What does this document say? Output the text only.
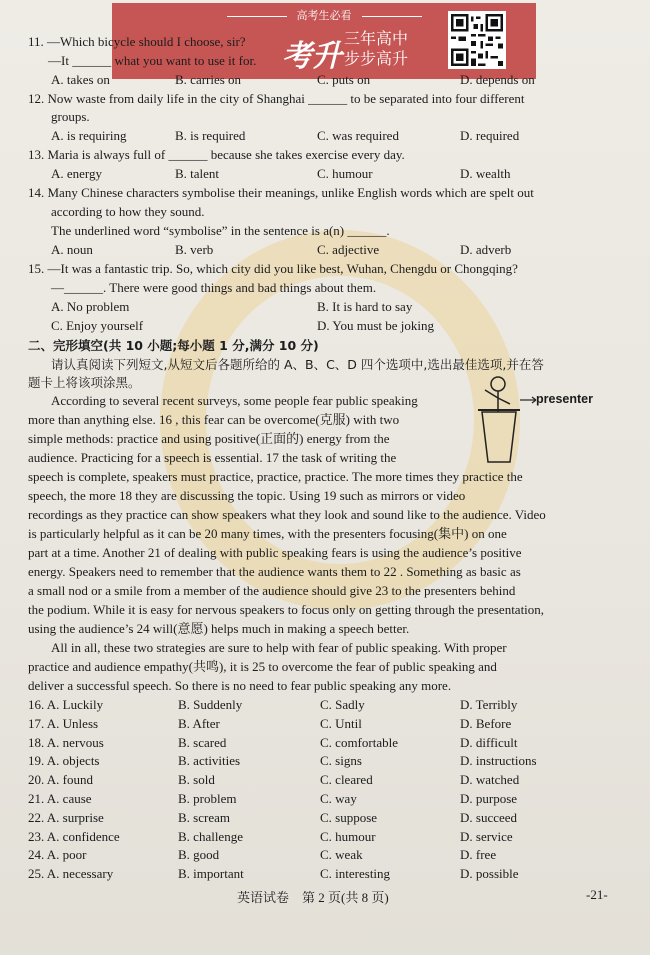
高考生必看
考升
三年高中
步步高升
11. —Which bicycle should I choose, sir?
—It ______ what you want to use it for.
A. takes on	B. carries on	C. puts on	D. depends on
12. Now waste from daily life in the city of Shanghai ______ to be separated into four different
groups.
A. is requiring	B. is required	C. was required	D. required
13. Maria is always full of ______ because she takes exercise every day.
A. energy	B. talent	C. humour	D. wealth
14. Many Chinese characters symbolise their meanings, unlike English words which are spelt out
according to how they sound.
The underlined word “symbolise” in the sentence is a(n) ______.
A. noun	B. verb	C. adjective	D. adverb
15. —It was a fantastic trip. So, which city did you like best, Wuhan, Chengdu or Chongqing?
—______. There were good things and bad things about them.
A. No problem	B. It is hard to say
C. Enjoy yourself	D. You must be joking
二、完形填空(共 10 小题;每小题 1 分,满分 10 分)
请认真阅读下列短文,从短文后各题所给的 A、B、C、D 四个选项中,选出最佳选项,并在答
题卡上将该项涂黑。
presenter
According to several recent surveys, some people fear public speaking
more than anything else. 16 , this fear can be overcome(克服) with two
simple methods: practice and using positive(正面的) energy from the
audience. Practicing for a speech is essential. 17 the task of writing the
speech is complete, speakers must practice, practice, practice. The more times they practice the
speech, the more 18 they are discussing the topic. Using 19 such as mirrors or video
recordings as they practice can show speakers what they look and sound like to the audience. Video
is particularly helpful as it can be 20 many times, with the presenters focusing(集中) on one
part at a time. Another 21 of dealing with public speaking fears is using the audience’s positive
energy. Speakers need to remember that the audience wants them to 22 . Something as basic as
a small nod or a smile from a member of the audience should give 23 to the presenters behind
the podium. While it is easy for nervous speakers to focus only on getting through the presentation,
using the audience’s 24 will(意愿) helps much in making a speech better.
All in all, these two strategies are sure to help with fear of public speaking. With proper
practice and audience empathy(共鸣), it is 25 to overcome the fear of public speaking and
deliver a successful speech. So there is no need to fear public speaking any more.
16. A. Luckily	B. Suddenly	C. Sadly	D. Terribly
17. A. Unless	B. After	C. Until	D. Before
18. A. nervous	B. scared	C. comfortable	D. difficult
19. A. objects	B. activities	C. signs	D. instructions
20. A. found	B. sold	C. cleared	D. watched
21. A. cause	B. problem	C. way	D. purpose
22. A. surprise	B. scream	C. suppose	D. succeed
23. A. confidence	B. challenge	C. humour	D. service
24. A. poor	B. good	C. weak	D. free
25. A. necessary	B. important	C. interesting	D. possible
英语试卷　第 2 页(共 8 页)	-21-
